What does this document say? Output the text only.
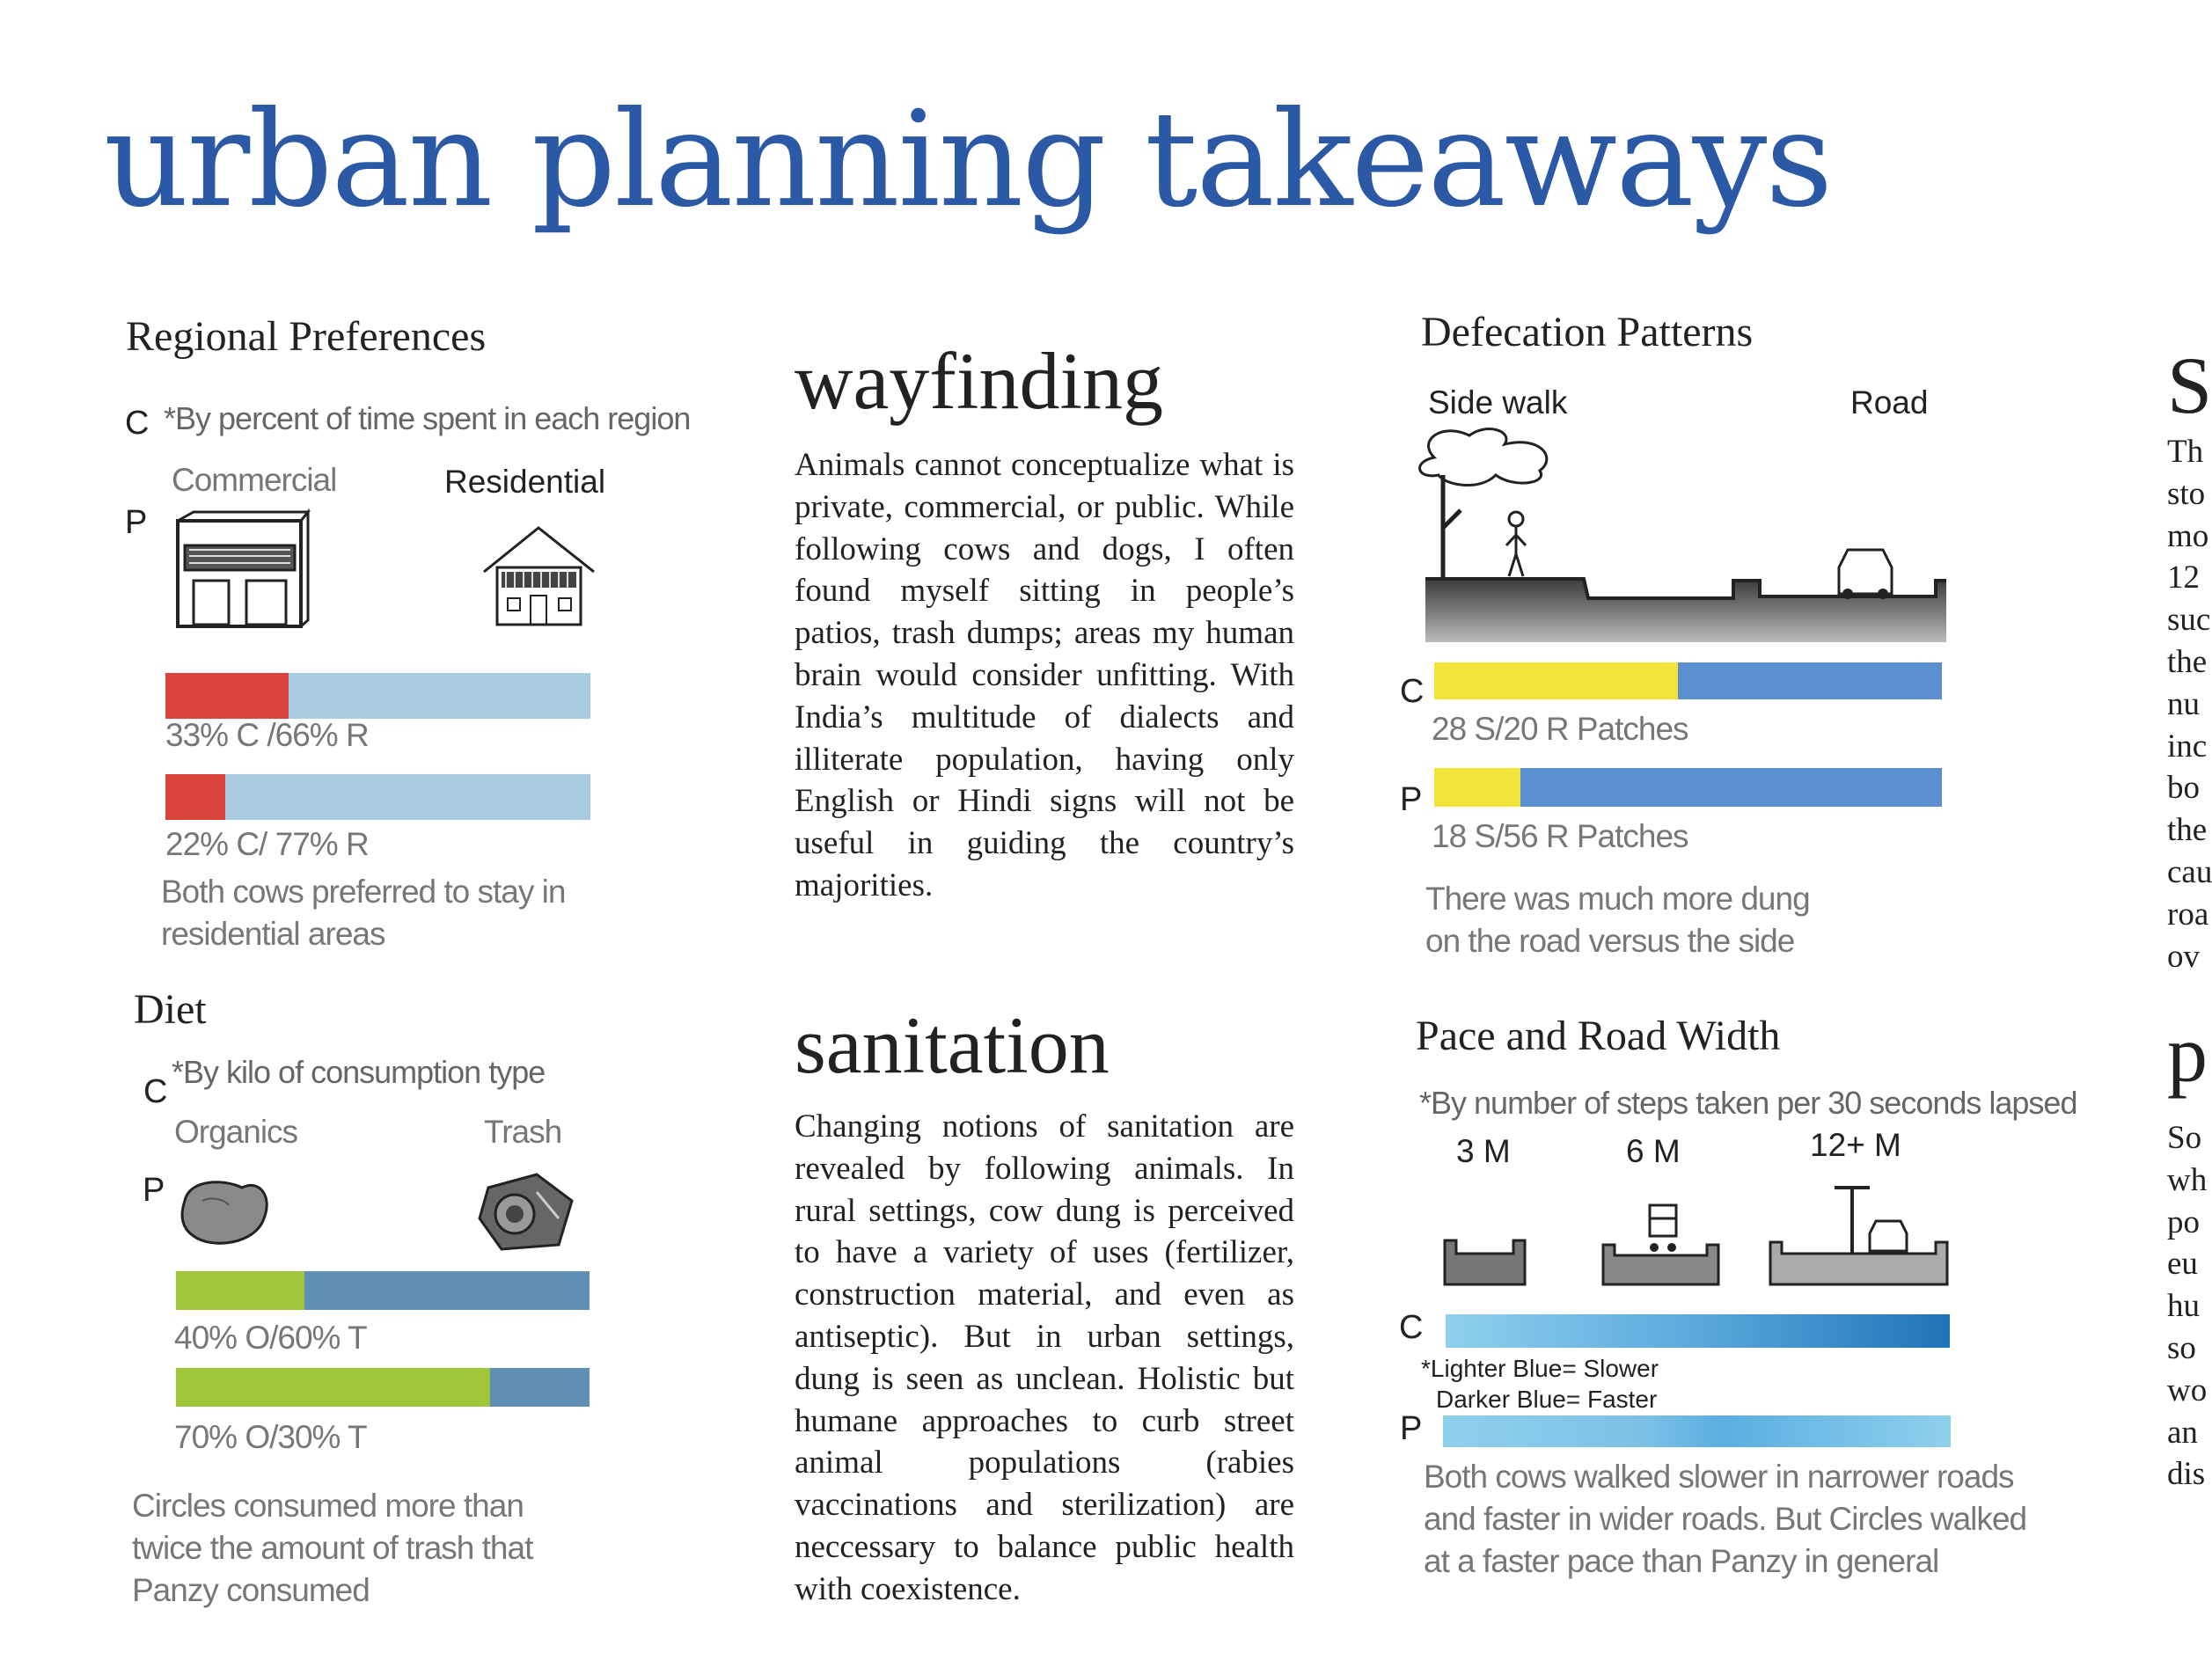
urban planning takeaways
Regional Preferences
C *By percent of time spent in each region
Commercial	Residential
P
33% C /66% R
22% C/ 77% R
Both cows preferred to stay in
residential areas
Diet
C
*By kilo of consumption type
Organics	Trash
P
40% O/60% T
70% O/30% T
Circles consumed more than
twice the amount of trash that
Panzy consumed
wayfinding
Animals cannot conceptualize what is private, commercial, or public. While following cows and dogs, I often found myself sitting in people’s patios, trash dumps; areas my human brain would consider unfitting. With India’s multitude of dialects and illiterate population, having only English or Hindi signs will not be useful in guiding the country’s majorities.
sanitation
Changing notions of sanitation are revealed by following animals. In rural settings, cow dung is perceived to have a variety of uses (fertilizer, construction material, and even as antiseptic). But in urban settings, dung is seen as unclean. Holistic but humane approaches to curb street animal populations (rabies vaccinations and sterilization) are neccessary to balance public health with coexistence.
Defecation Patterns
Side walk	Road
C
28 S/20 R Patches
P
18 S/56 R Patches
There was much more dung
on the road versus the side
Pace and Road Width
*By number of steps taken per 30 seconds lapsed
3 M	6 M	12+ M
C
*Lighter Blue= Slower
Darker Blue= Faster
P
Both cows walked slower in narrower roads
and faster in wider roads. But Circles walked
at a faster pace than Panzy in general
S
Th
sto
mo
12
suc
the
nu
inc
bo
the
cau
roa
ov
p
So
wh
po
eu
hu
so
wo
an
dis
